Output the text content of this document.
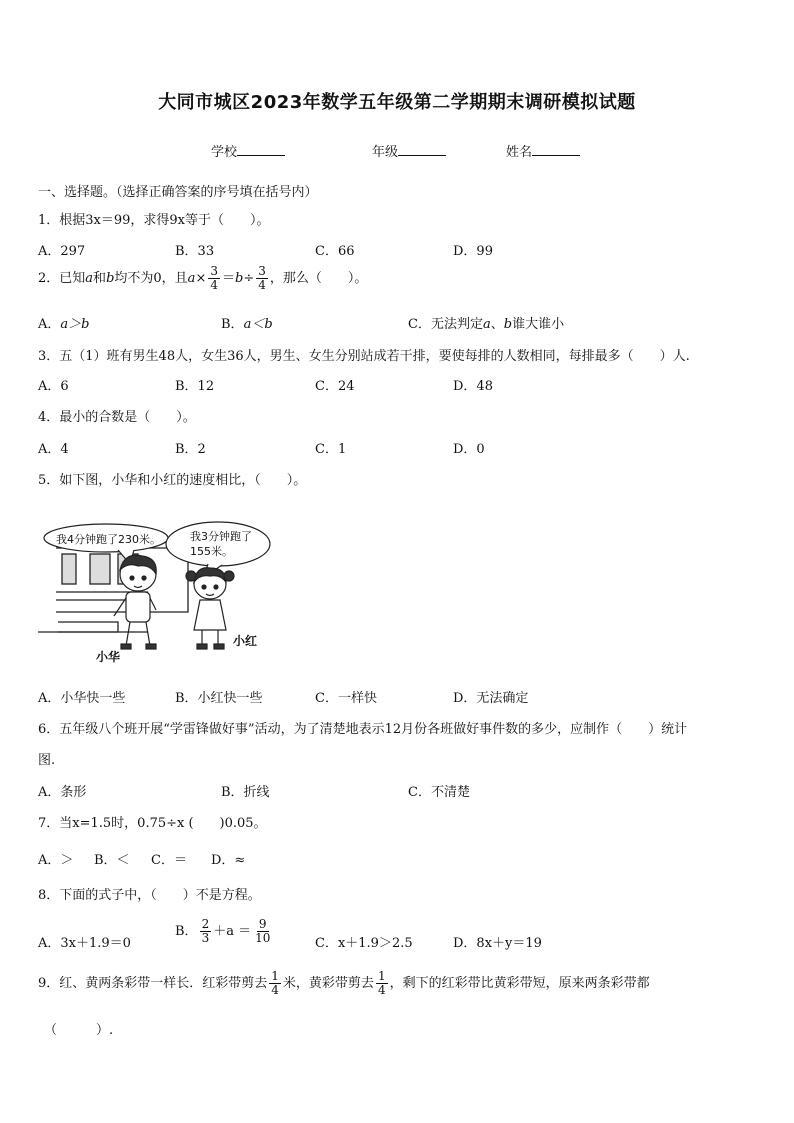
大同市城区2023年数学五年级第二学期期末调研模拟试题
学校	年级	姓名
一、选择题。（选择正确答案的序号填在括号内）
1．根据3x＝99，求得9x等于（　　）。
A．297	B．33	C．66	D．99
2．已知a和b均不为0，且$a\times \frac{3}{4} =b\div \frac{3}{4}$ ，那么（　　）。
A．a＞b	B．a＜b	C．无法判定a、b谁大谁小
3．五（1）班有男生48人，女生36人，男生、女生分别站成若干排，要使每排的人数相同，每排最多（　　）人.
A．6	B．12	C．24	D．48
4．最小的合数是（　　）。
A．4	B．2	C．1	D．0
5．如下图，小华和小红的速度相比，（　　）。
我4分钟跑了230米。	我3分钟跑了
155米。
小华
小红
A．小华快一些	B．小红快一些	C．一样快	D．无法确定
6．五年级八个班开展“学雷锋做好事”活动，为了清楚地表示12月份各班做好事件数的多少，应制作（　　）统计
图.
A．条形	B．折线	C．不清楚
7．当x=1.5时，0.75÷x (　　)0.05。
A．＞ B．＜ C．＝ D．≈
8．下面的式子中，（　　）不是方程。
A．3x＋1.9＝0
B． $\frac{2}{3} +a = \frac{9}{10}$	C．x＋1.9＞2.5	D．8x＋y＝19
9．红、黄两条彩带一样长．红彩带剪去 $\frac{1}{4}$ 米，黄彩带剪去 $\frac{1}{4}$ ，剩下的红彩带比黄彩带短，原来两条彩带都
（　　　）.
